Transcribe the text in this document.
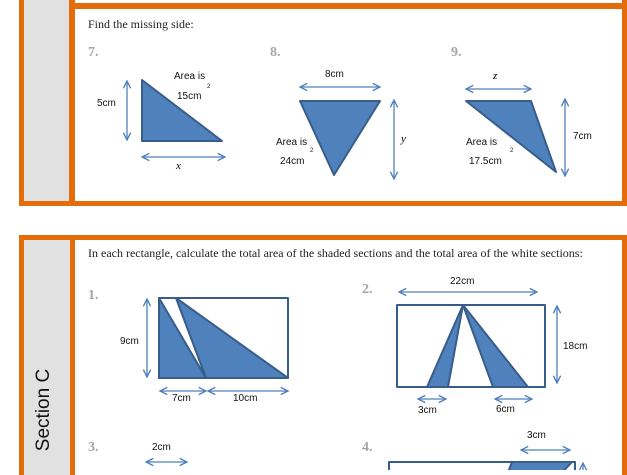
Section C
Find the missing side:
7.	8.	9.
Area is
2
15cm
5cm
x
8cm
Area is
2
24cm
y
z
Area is
2
17.5cm
7cm
In each rectangle, calculate the total area of the shaded sections and the total area of the white sections:
1.
9cm
7cm	10cm
2.
22cm
18cm
3cm	6cm
3.	2cm	4.
3cm
